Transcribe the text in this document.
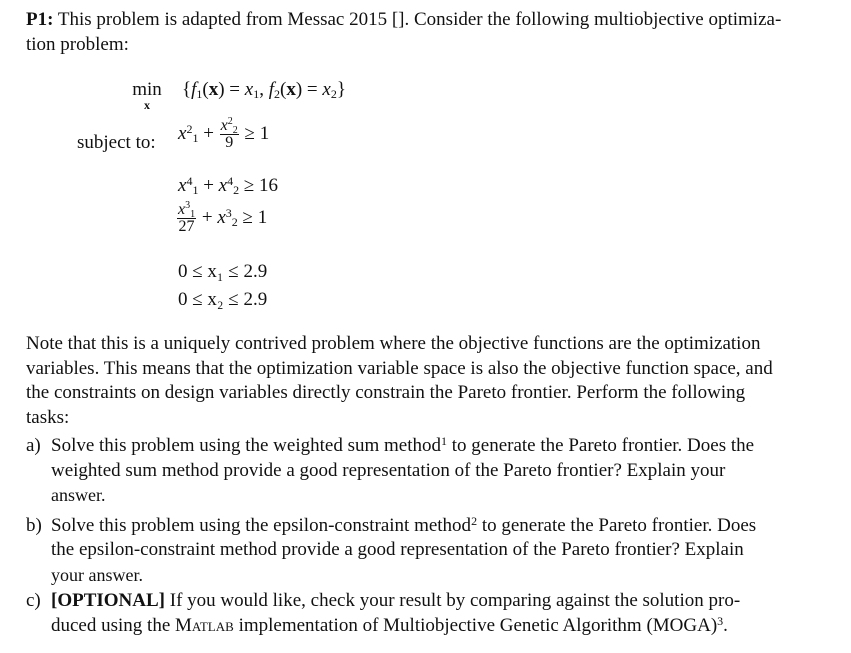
P1: This problem is adapted from Messac 2015 []. Consider the following multiobjective optimiza-
tion problem:
min
x
{$f_1(x) = x_1$, $f_2(x) = x_2$}
subject to: $x^2_1 + \frac{x^2_2}{9} \ge 1$
$x^4_1 + x^4_2 \ge 16$
$\frac{x^3_1}{27} + x^3_2 \ge 1$
0 ≤ x₁ ≤ 2.9
0 ≤ x₂ ≤ 2.9
Note that this is a uniquely contrived problem where the objective functions are the optimization
variables. This means that the optimization variable space is also the objective function space, and
the constraints on design variables directly constrain the Pareto frontier. Perform the following
tasks:
a) Solve this problem using the weighted sum method$^1$ to generate the Pareto frontier. Does the
weighted sum method provide a good representation of the Pareto frontier? Explain your
answer.
b) Solve this problem using the epsilon-constraint method$^2$ to generate the Pareto frontier. Does
the epsilon-constraint method provide a good representation of the Pareto frontier? Explain
your answer.
c) [OPTIONAL] If you would like, check your result by comparing against the solution pro-
duced using the Matlab implementation of Multiobjective Genetic Algorithm (MOGA)$^3$.
